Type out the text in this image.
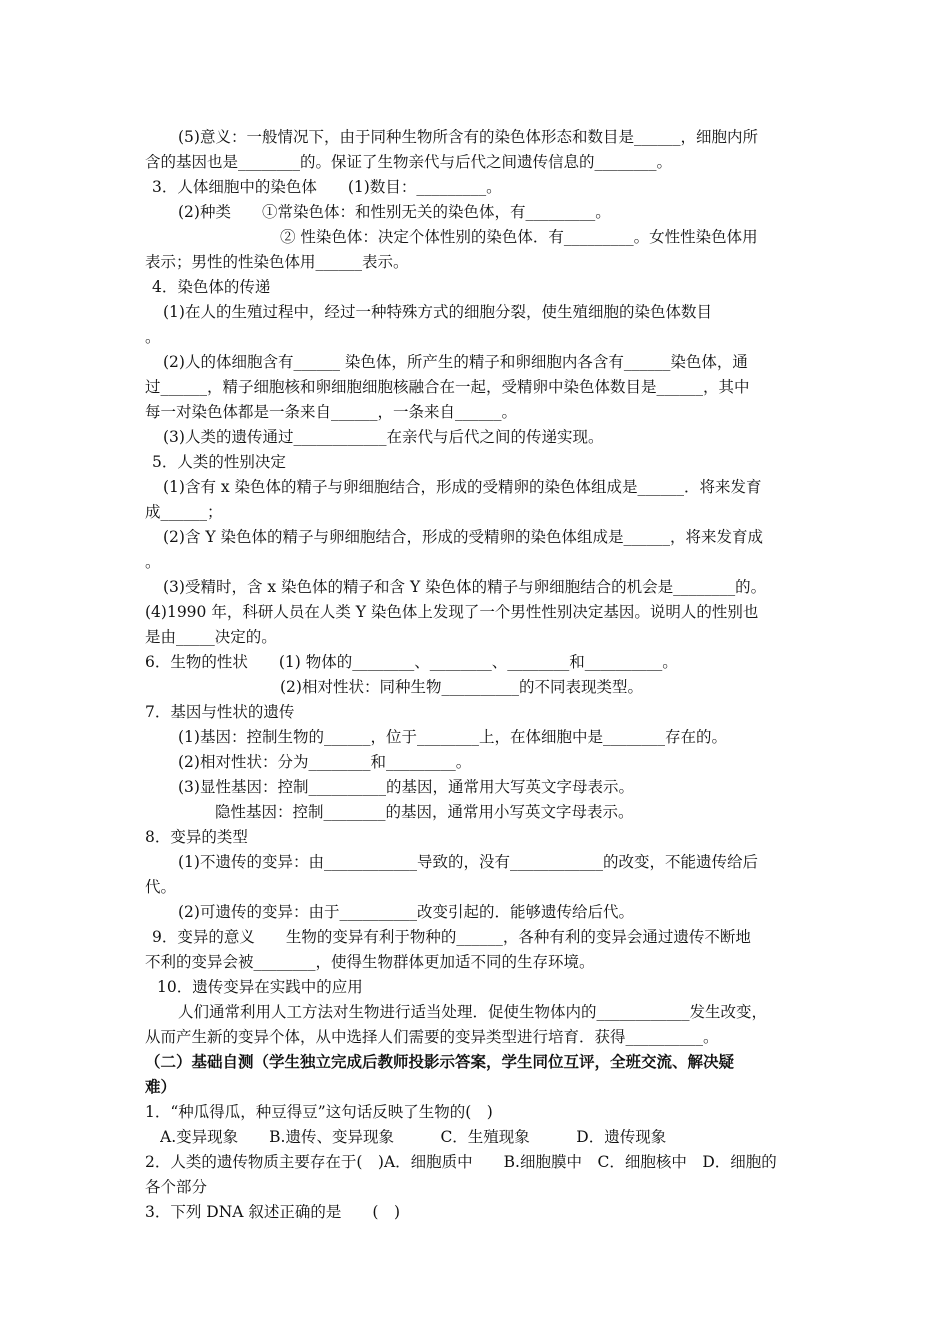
(5)意义：一般情况下，由于同种生物所含有的染色体形态和数目是______，细胞内所
含的基因也是________的。保证了生物亲代与后代之间遗传信息的________。
3．人体细胞中的染色体　　(1)数目：_________。
(2)种类　　①常染色体：和性别无关的染色体，有_________。
② 性染色体：决定个体性别的染色体．有_________。女性性染色体用
表示；男性的性染色体用______表示。
4．染色体的传递
(1)在人的生殖过程中，经过一种特殊方式的细胞分裂，使生殖细胞的染色体数目
。
(2)人的体细胞含有______ 染色体，所产生的精子和卵细胞内各含有______染色体，通
过______，精子细胞核和卵细胞细胞核融合在一起，受精卵中染色体数目是______，其中
每一对染色体都是一条来自______，一条来自______。
(3)人类的遗传通过____________在亲代与后代之间的传递实现。
5．人类的性别决定
(1)含有 x 染色体的精子与卵细胞结合，形成的受精卵的染色体组成是______．将来发育
成______；
(2)含 Y 染色体的精子与卵细胞结合，形成的受精卵的染色体组成是______，将来发育成
。
(3)受精时，含 x 染色体的精子和含 Y 染色体的精子与卵细胞结合的机会是________的。
(4)1990 年，科研人员在人类 Y 染色体上发现了一个男性性别决定基因。说明人的性别也
是由_____决定的。
6．生物的性状　　(1) 物体的________、________、________和__________。
(2)相对性状：同种生物__________的不同表现类型。
7．基因与性状的遗传
(1)基因：控制生物的______，位于________上，在体细胞中是________存在的。
(2)相对性状：分为________和_________。
(3)显性基因：控制__________的基因，通常用大写英文字母表示。
隐性基因：控制________的基因，通常用小写英文字母表示。
8．变异的类型
(1)不遗传的变异：由____________导致的，没有____________的改变，不能遗传给后
代。
(2)可遗传的变异：由于__________改变引起的．能够遗传给后代。
9．变异的意义　　生物的变异有利于物种的______，各种有利的变异会通过遗传不断地
不利的变异会被________，使得生物群体更加适不同的生存环境。
10．遗传变异在实践中的应用
人们通常利用人工方法对生物进行适当处理．促使生物体内的____________发生改变，
从而产生新的变异个体，从中选择人们需要的变异类型进行培育．获得__________。
（二）基础自测（学生独立完成后教师投影示答案，学生同位互评，全班交流、解决疑
难）
1．“种瓜得瓜，种豆得豆”这句话反映了生物的(　)
A.变异现象　　B.遗传、变异现象　　　C．生殖现象　　　D．遗传现象
2．人类的遗传物质主要存在于(　)A．细胞质中　　B.细胞膜中　C．细胞核中　D．细胞的
各个部分
3．下列 DNA 叙述正确的是　　(　)
